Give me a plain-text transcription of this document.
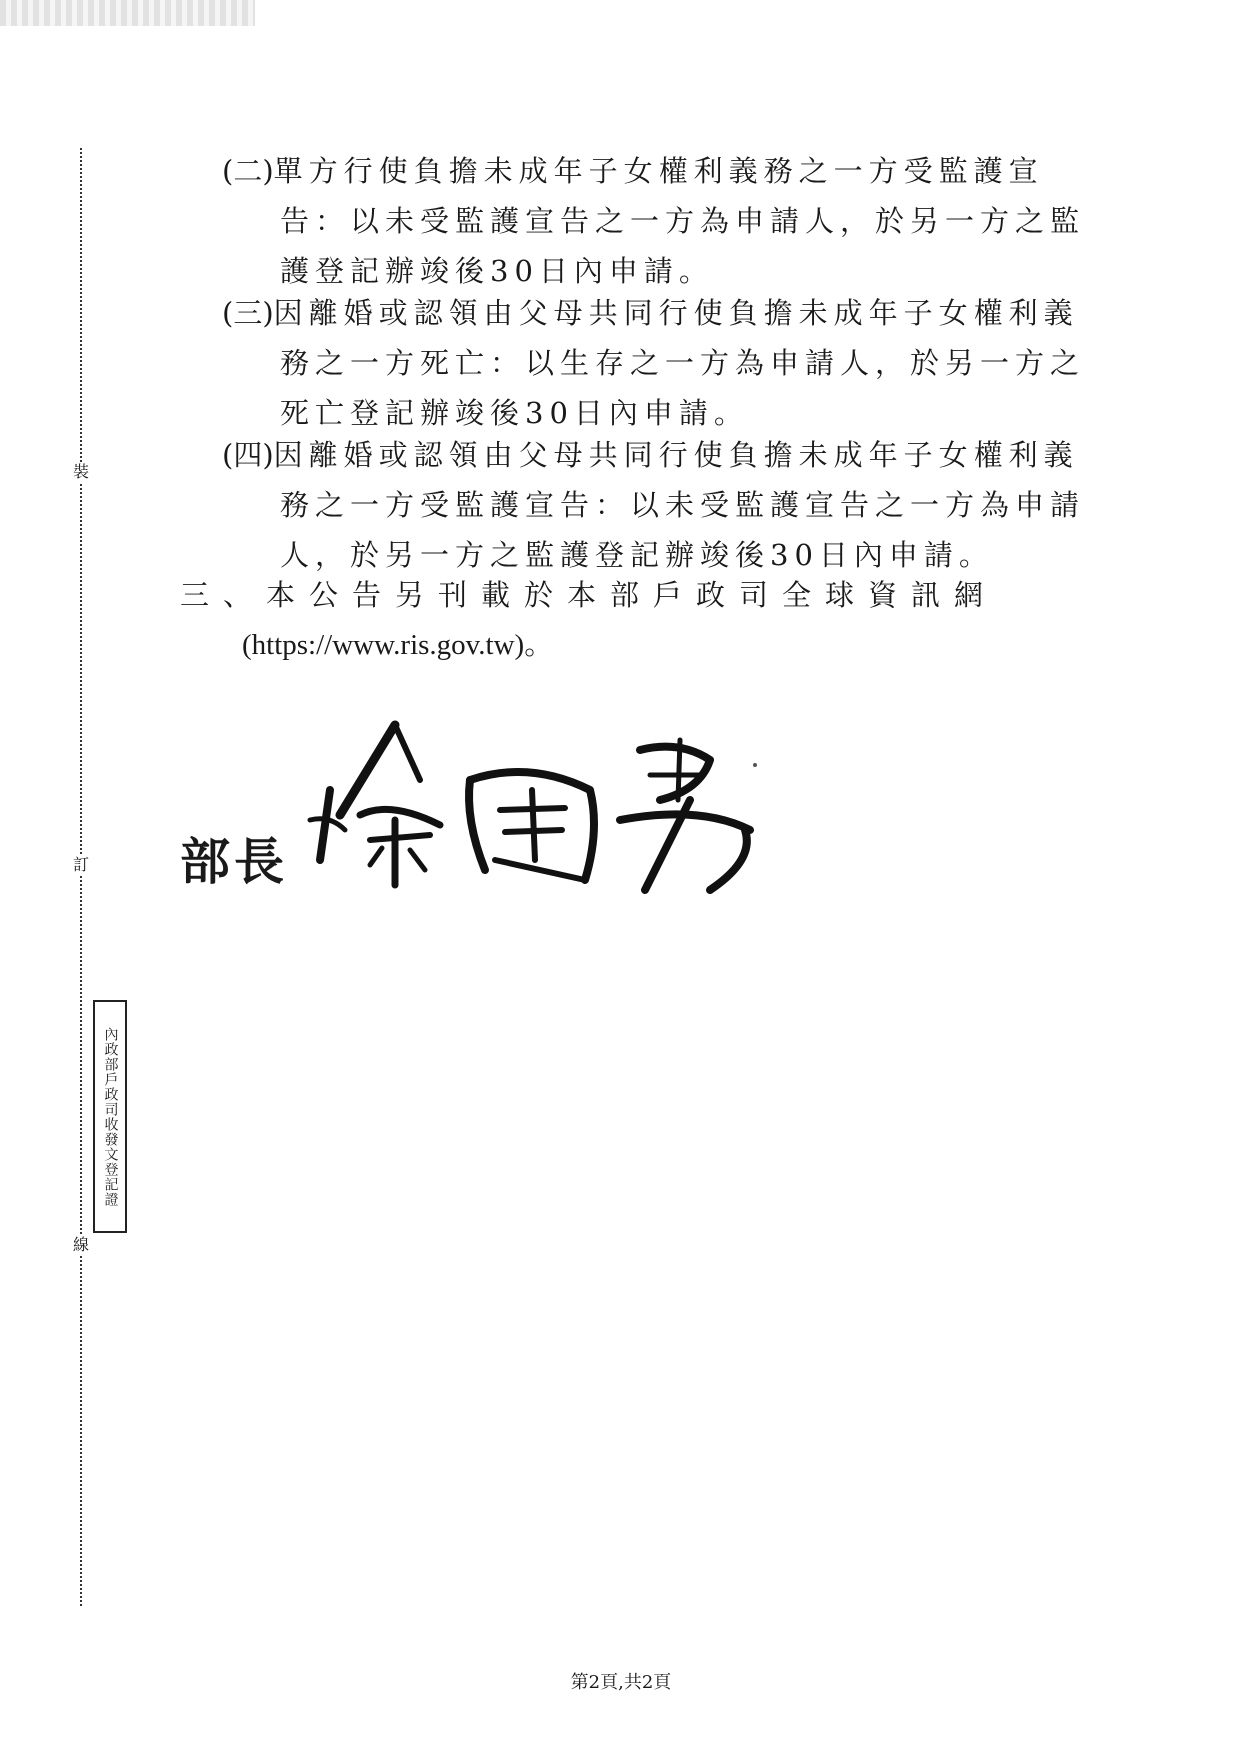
裝
訂
線
內政部戶政司收發文登記證
(二)單方行使負擔未成年子女權利義務之一方受監護宣
告：以未受監護宣告之一方為申請人，於另一方之監
護登記辦竣後30日內申請。
(三)因離婚或認領由父母共同行使負擔未成年子女權利義
務之一方死亡：以生存之一方為申請人，於另一方之
死亡登記辦竣後30日內申請。
(四)因離婚或認領由父母共同行使負擔未成年子女權利義
務之一方受監護宣告：以未受監護宣告之一方為申請
人，於另一方之監護登記辦竣後30日內申請。
三、本公告另刊載於本部戶政司全球資訊網
(https://www.ris.gov.tw)。
部長
第2頁,共2頁
